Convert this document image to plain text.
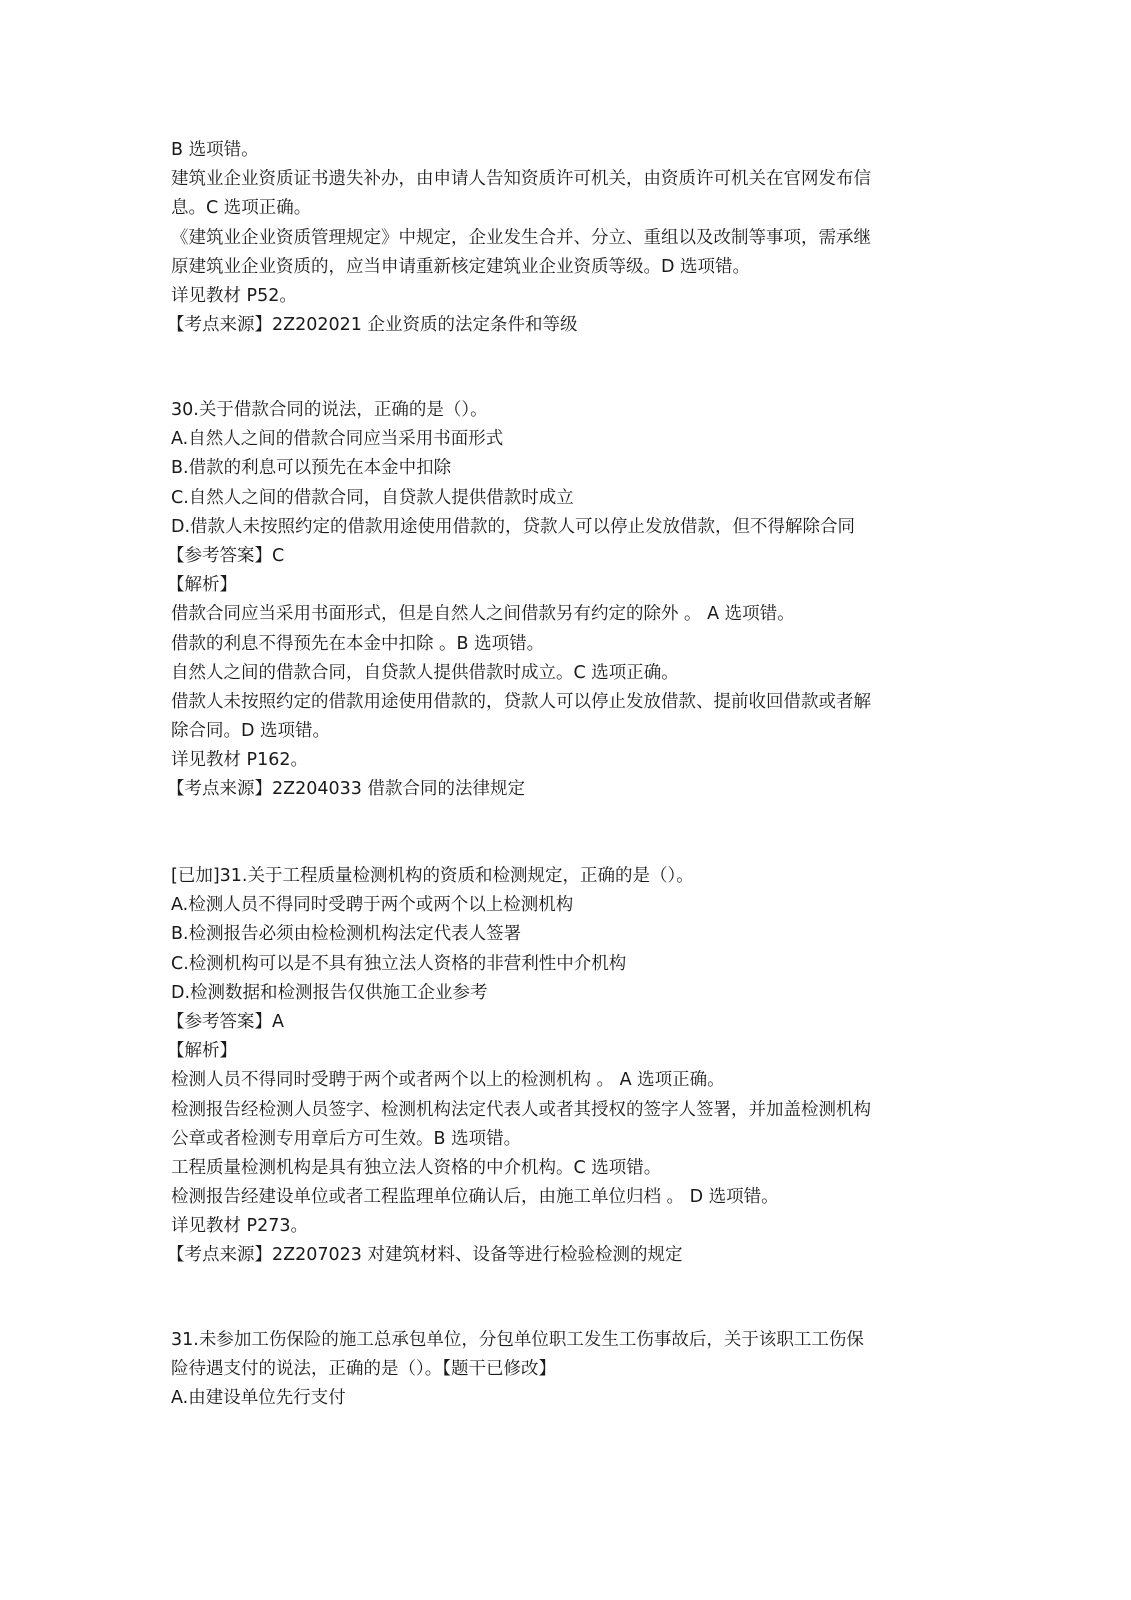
B 选项错。
建筑业企业资质证书遗失补办，由申请人告知资质许可机关，由资质许可机关在官网发布信
息。C 选项正确。
《建筑业企业资质管理规定》中规定，企业发生合并、分立、重组以及改制等事项，需承继
原建筑业企业资质的，应当申请重新核定建筑业企业资质等级。D 选项错。
详见教材 P52。
【考点来源】2Z202021 企业资质的法定条件和等级
30.关于借款合同的说法，正确的是（）。
A.自然人之间的借款合同应当采用书面形式
B.借款的利息可以预先在本金中扣除
C.自然人之间的借款合同，自贷款人提供借款时成立
D.借款人未按照约定的借款用途使用借款的，贷款人可以停止发放借款，但不得解除合同
【参考答案】C
【解析】
借款合同应当采用书面形式，但是自然人之间借款另有约定的除外 。 A 选项错。
借款的利息不得预先在本金中扣除 。B 选项错。
自然人之间的借款合同，自贷款人提供借款时成立。C 选项正确。
借款人未按照约定的借款用途使用借款的，贷款人可以停止发放借款、提前收回借款或者解
除合同。D 选项错。
详见教材 P162。
【考点来源】2Z204033 借款合同的法律规定
[已加]31.关于工程质量检测机构的资质和检测规定，正确的是（）。
A.检测人员不得同时受聘于两个或两个以上检测机构
B.检测报告必须由检检测机构法定代表人签署
C.检测机构可以是不具有独立法人资格的非营利性中介机构
D.检测数据和检测报告仅供施工企业参考
【参考答案】A
【解析】
检测人员不得同时受聘于两个或者两个以上的检测机构 。 A 选项正确。
检测报告经检测人员签字、检测机构法定代表人或者其授权的签字人签署，并加盖检测机构
公章或者检测专用章后方可生效。B 选项错。
工程质量检测机构是具有独立法人资格的中介机构。C 选项错。
检测报告经建设单位或者工程监理单位确认后，由施工单位归档 。 D 选项错。
详见教材 P273。
【考点来源】2Z207023 对建筑材料、设备等进行检验检测的规定
31.未参加工伤保险的施工总承包单位，分包单位职工发生工伤事故后，关于该职工工伤保
险待遇支付的说法，正确的是（）。【题干已修改】
A.由建设单位先行支付
